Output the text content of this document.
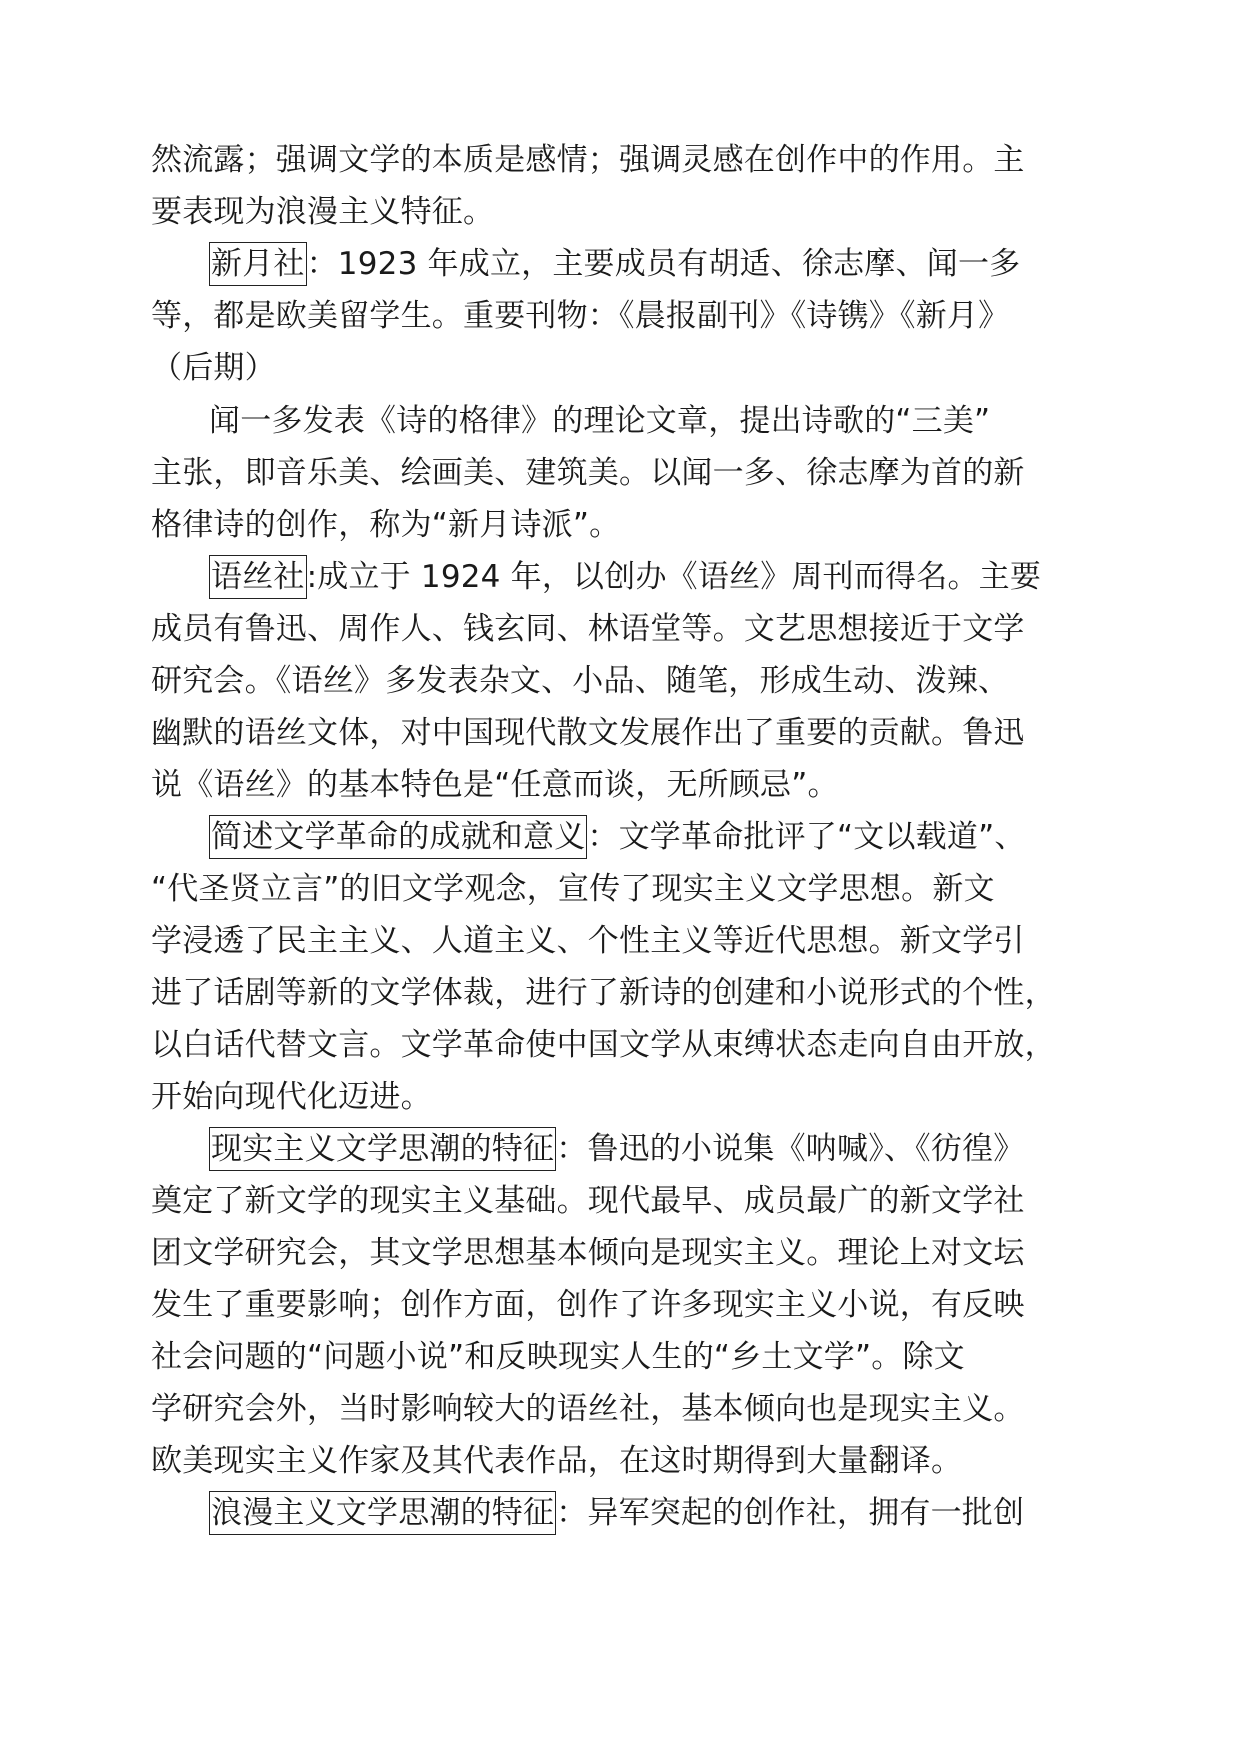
然流露；强调文学的本质是感情；强调灵感在创作中的作用。主
要表现为浪漫主义特征。
新月社：1923 年成立，主要成员有胡适、徐志摩、闻一多
等，都是欧美留学生。重要刊物：《晨报副刊》《诗镌》《新月》
（后期）
闻一多发表《诗的格律》的理论文章，提出诗歌的“三美”
主张，即音乐美、绘画美、建筑美。以闻一多、徐志摩为首的新
格律诗的创作，称为“新月诗派”。
语丝社:成立于 1924 年，以创办《语丝》周刊而得名。主要
成员有鲁迅、周作人、钱玄同、林语堂等。文艺思想接近于文学
研究会。《语丝》多发表杂文、小品、随笔，形成生动、泼辣、
幽默的语丝文体，对中国现代散文发展作出了重要的贡献。鲁迅
说《语丝》的基本特色是“任意而谈，无所顾忌”。
简述文学革命的成就和意义：文学革命批评了“文以载道”、
“代圣贤立言”的旧文学观念，宣传了现实主义文学思想。新文
学浸透了民主主义、人道主义、个性主义等近代思想。新文学引
进了话剧等新的文学体裁，进行了新诗的创建和小说形式的个性，
以白话代替文言。文学革命使中国文学从束缚状态走向自由开放，
开始向现代化迈进。
现实主义文学思潮的特征：鲁迅的小说集《呐喊》、《彷徨》
奠定了新文学的现实主义基础。现代最早、成员最广的新文学社
团文学研究会，其文学思想基本倾向是现实主义。理论上对文坛
发生了重要影响；创作方面，创作了许多现实主义小说，有反映
社会问题的“问题小说”和反映现实人生的“乡土文学”。除文
学研究会外，当时影响较大的语丝社，基本倾向也是现实主义。
欧美现实主义作家及其代表作品，在这时期得到大量翻译。
浪漫主义文学思潮的特征：异军突起的创作社，拥有一批创
